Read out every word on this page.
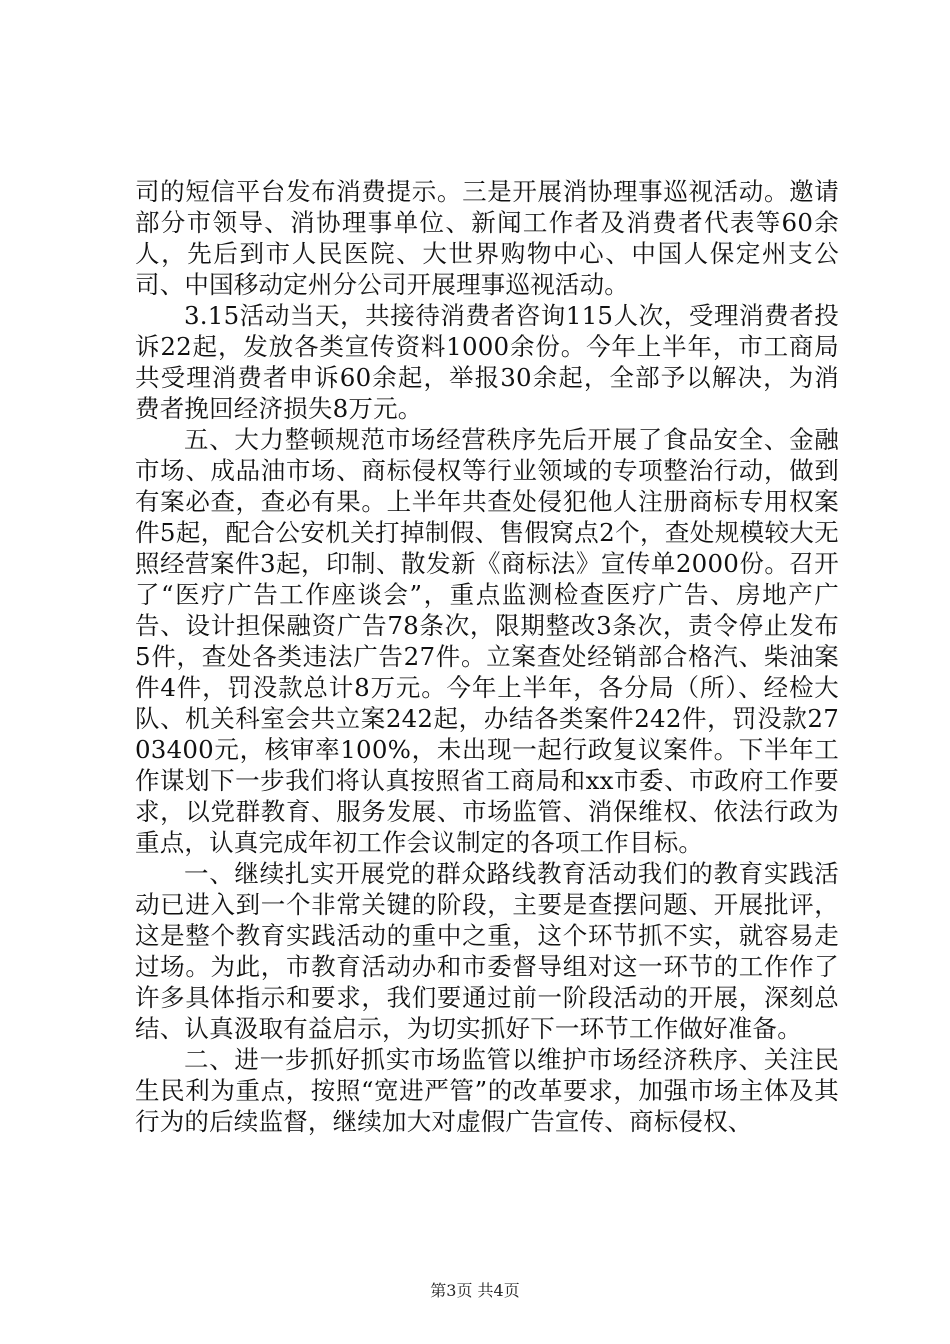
司的短信平台发布消费提示。三是开展消协理事巡视活动。邀请部分市领导、消协理事单位、新闻工作者及消费者代表等60余人，先后到市人民医院、大世界购物中心、中国人保定州支公司、中国移动定州分公司开展理事巡视活动。

3.15活动当天，共接待消费者咨询115人次，受理消费者投诉22起，发放各类宣传资料1000余份。今年上半年，市工商局共受理消费者申诉60余起，举报30余起，全部予以解决，为消费者挽回经济损失8万元。

五、大力整顿规范市场经营秩序先后开展了食品安全、金融市场、成品油市场、商标侵权等行业领域的专项整治行动，做到有案必查，查必有果。上半年共查处侵犯他人注册商标专用权案件5起，配合公安机关打掉制假、售假窝点2个，查处规模较大无照经营案件3起，印制、散发新《商标法》宣传单2000份。召开了“医疗广告工作座谈会”，重点监测检查医疗广告、房地产广告、设计担保融资广告78条次，限期整改3条次，责令停止发布5件，查处各类违法广告27件。立案查处经销部合格汽、柴油案件4件，罚没款总计8万元。今年上半年，各分局（所）、经检大队、机关科室会共立案242起，办结各类案件242件，罚没款2703400元，核审率100%，未出现一起行政复议案件。下半年工作谋划下一步我们将认真按照省工商局和xx市委、市政府工作要求，以党群教育、服务发展、市场监管、消保维权、依法行政为重点，认真完成年初工作会议制定的各项工作目标。

一、继续扎实开展党的群众路线教育活动我们的教育实践活动已进入到一个非常关键的阶段，主要是查摆问题、开展批评，这是整个教育实践活动的重中之重，这个环节抓不实，就容易走过场。为此，市教育活动办和市委督导组对这一环节的工作作了许多具体指示和要求，我们要通过前一阶段活动的开展，深刻总结、认真汲取有益启示，为切实抓好下一环节工作做好准备。

二、进一步抓好抓实市场监管以维护市场经济秩序、关注民生民利为重点，按照“宽进严管”的改革要求，加强市场主体及其行为的后续监督，继续加大对虚假广告宣传、商标侵权、

第3页 共4页
